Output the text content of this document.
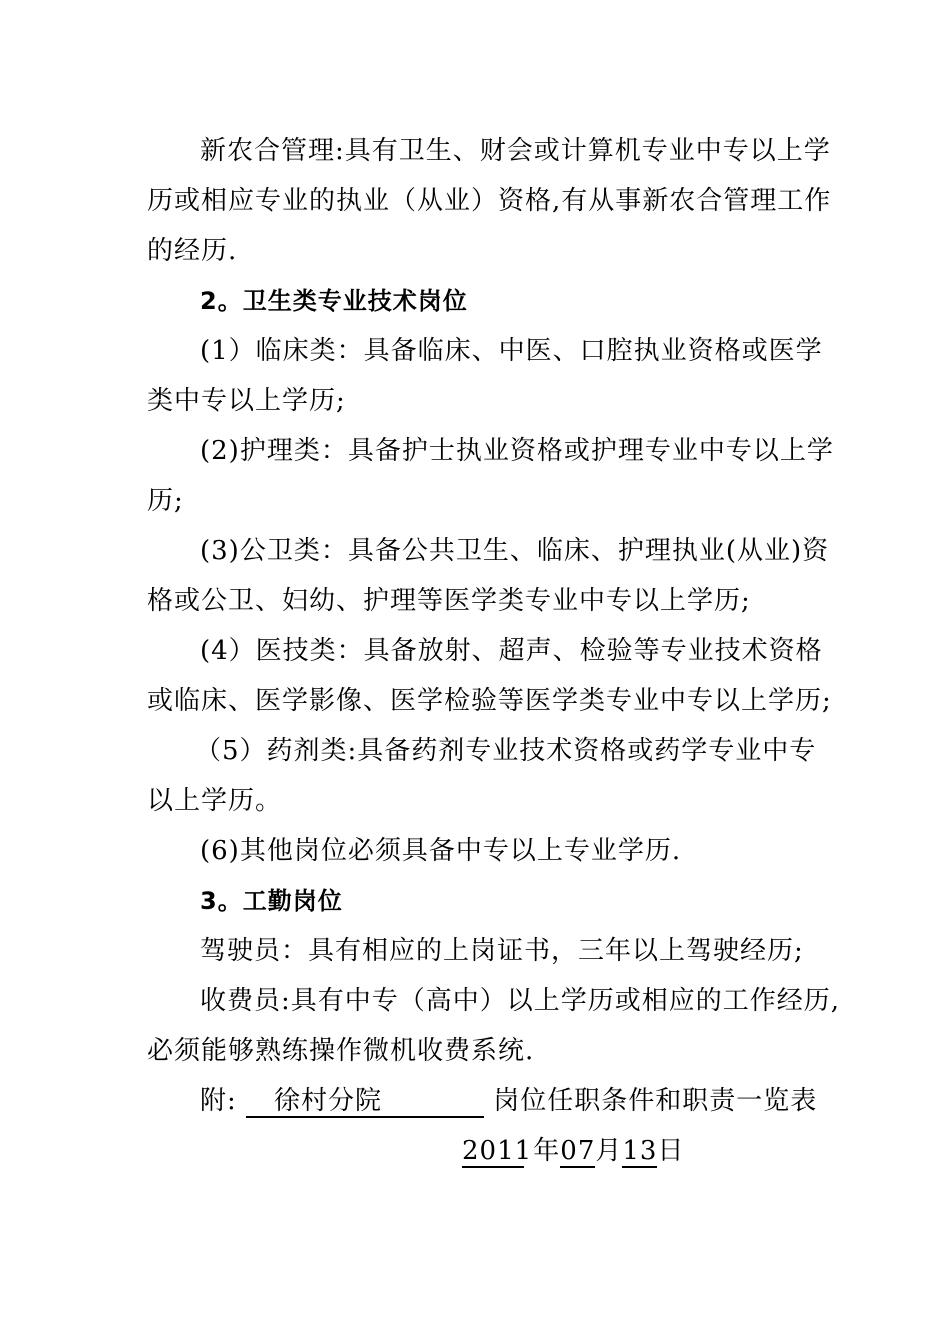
新农合管理:具有卫生、财会或计算机专业中专以上学
历或相应专业的执业（从业）资格,有从事新农合管理工作
的经历.
2。卫生类专业技术岗位
(1）临床类：具备临床、中医、口腔执业资格或医学
类中专以上学历;
(2)护理类：具备护士执业资格或护理专业中专以上学
历;
(3)公卫类：具备公共卫生、临床、护理执业(从业)资
格或公卫、妇幼、护理等医学类专业中专以上学历;
(4）医技类：具备放射、超声、检验等专业技术资格
或临床、医学影像、医学检验等医学类专业中专以上学历;
（5）药剂类:具备药剂专业技术资格或药学专业中专
以上学历。
(6)其他岗位必须具备中专以上专业学历.
3。工勤岗位
驾驶员：具有相应的上岗证书，三年以上驾驶经历;
收费员:具有中专（高中）以上学历或相应的工作经历,
必须能够熟练操作微机收费系统.
附: 徐村分院	岗位任职条件和职责一览表
2011 年07月13日
